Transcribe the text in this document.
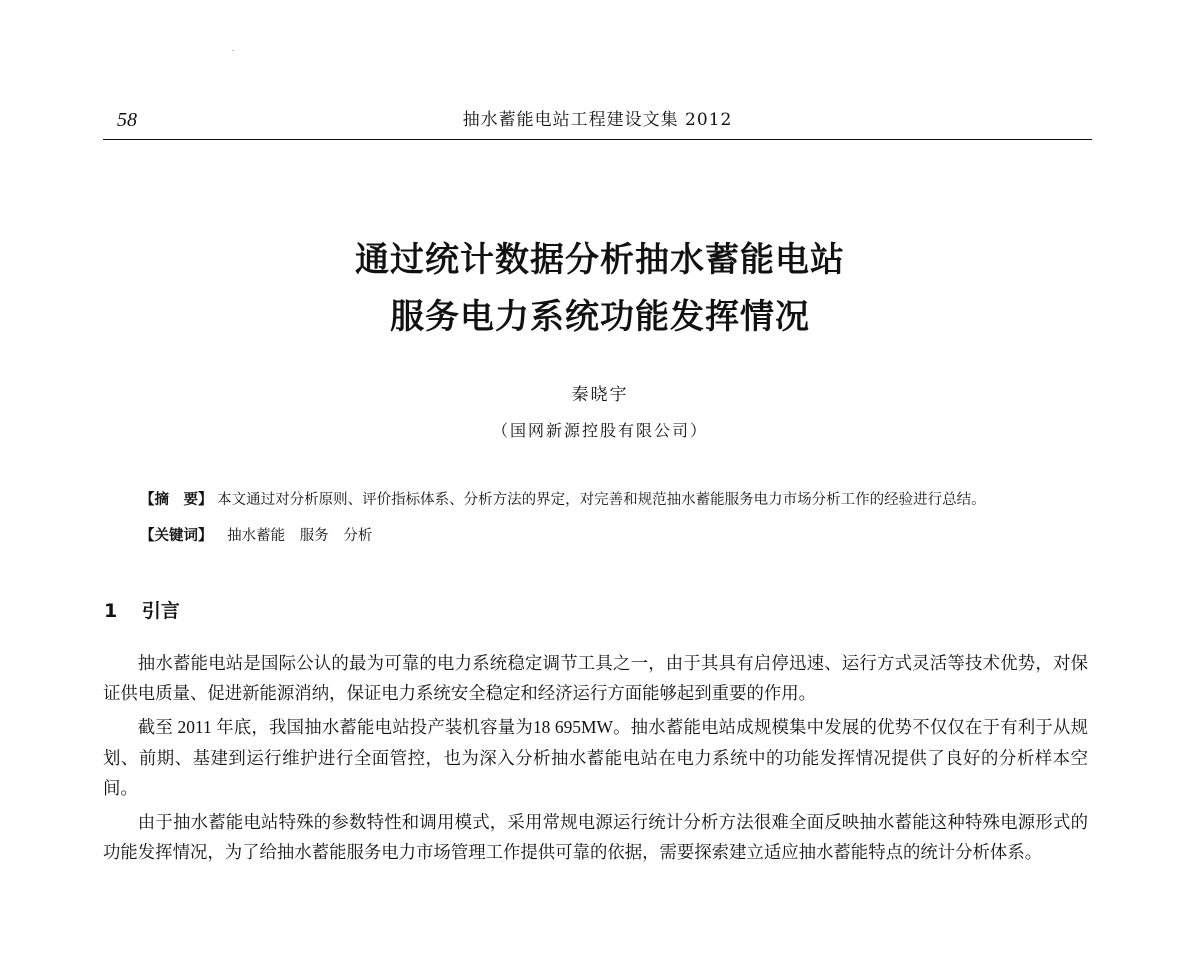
58	抽水蓄能电站工程建设文集 2012
通过统计数据分析抽水蓄能电站
服务电力系统功能发挥情况
秦晓宇
（国网新源控股有限公司）

【摘　要】 本文通过对分析原则、评价指标体系、分析方法的界定，对完善和规范抽水蓄能服务电力市场分析工作的经验进行总结。

【关键词】 抽水蓄能 服务 分析

1 引言

抽水蓄能电站是国际公认的最为可靠的电力系统稳定调节工具之一，由于其具有启停迅速、运行方式灵活等技术优势，对保证供电质量、促进新能源消纳，保证电力系统安全稳定和经济运行方面能够起到重要的作用。

截至 2011 年底，我国抽水蓄能电站投产装机容量为18 695MW。抽水蓄能电站成规模集中发展的优势不仅仅在于有利于从规划、前期、基建到运行维护进行全面管控，也为深入分析抽水蓄能电站在电力系统中的功能发挥情况提供了良好的分析样本空间。

由于抽水蓄能电站特殊的参数特性和调用模式，采用常规电源运行统计分析方法很难全面反映抽水蓄能这种特殊电源形式的功能发挥情况，为了给抽水蓄能服务电力市场管理工作提供可靠的依据，需要探索建立适应抽水蓄能特点的统计分析体系。
